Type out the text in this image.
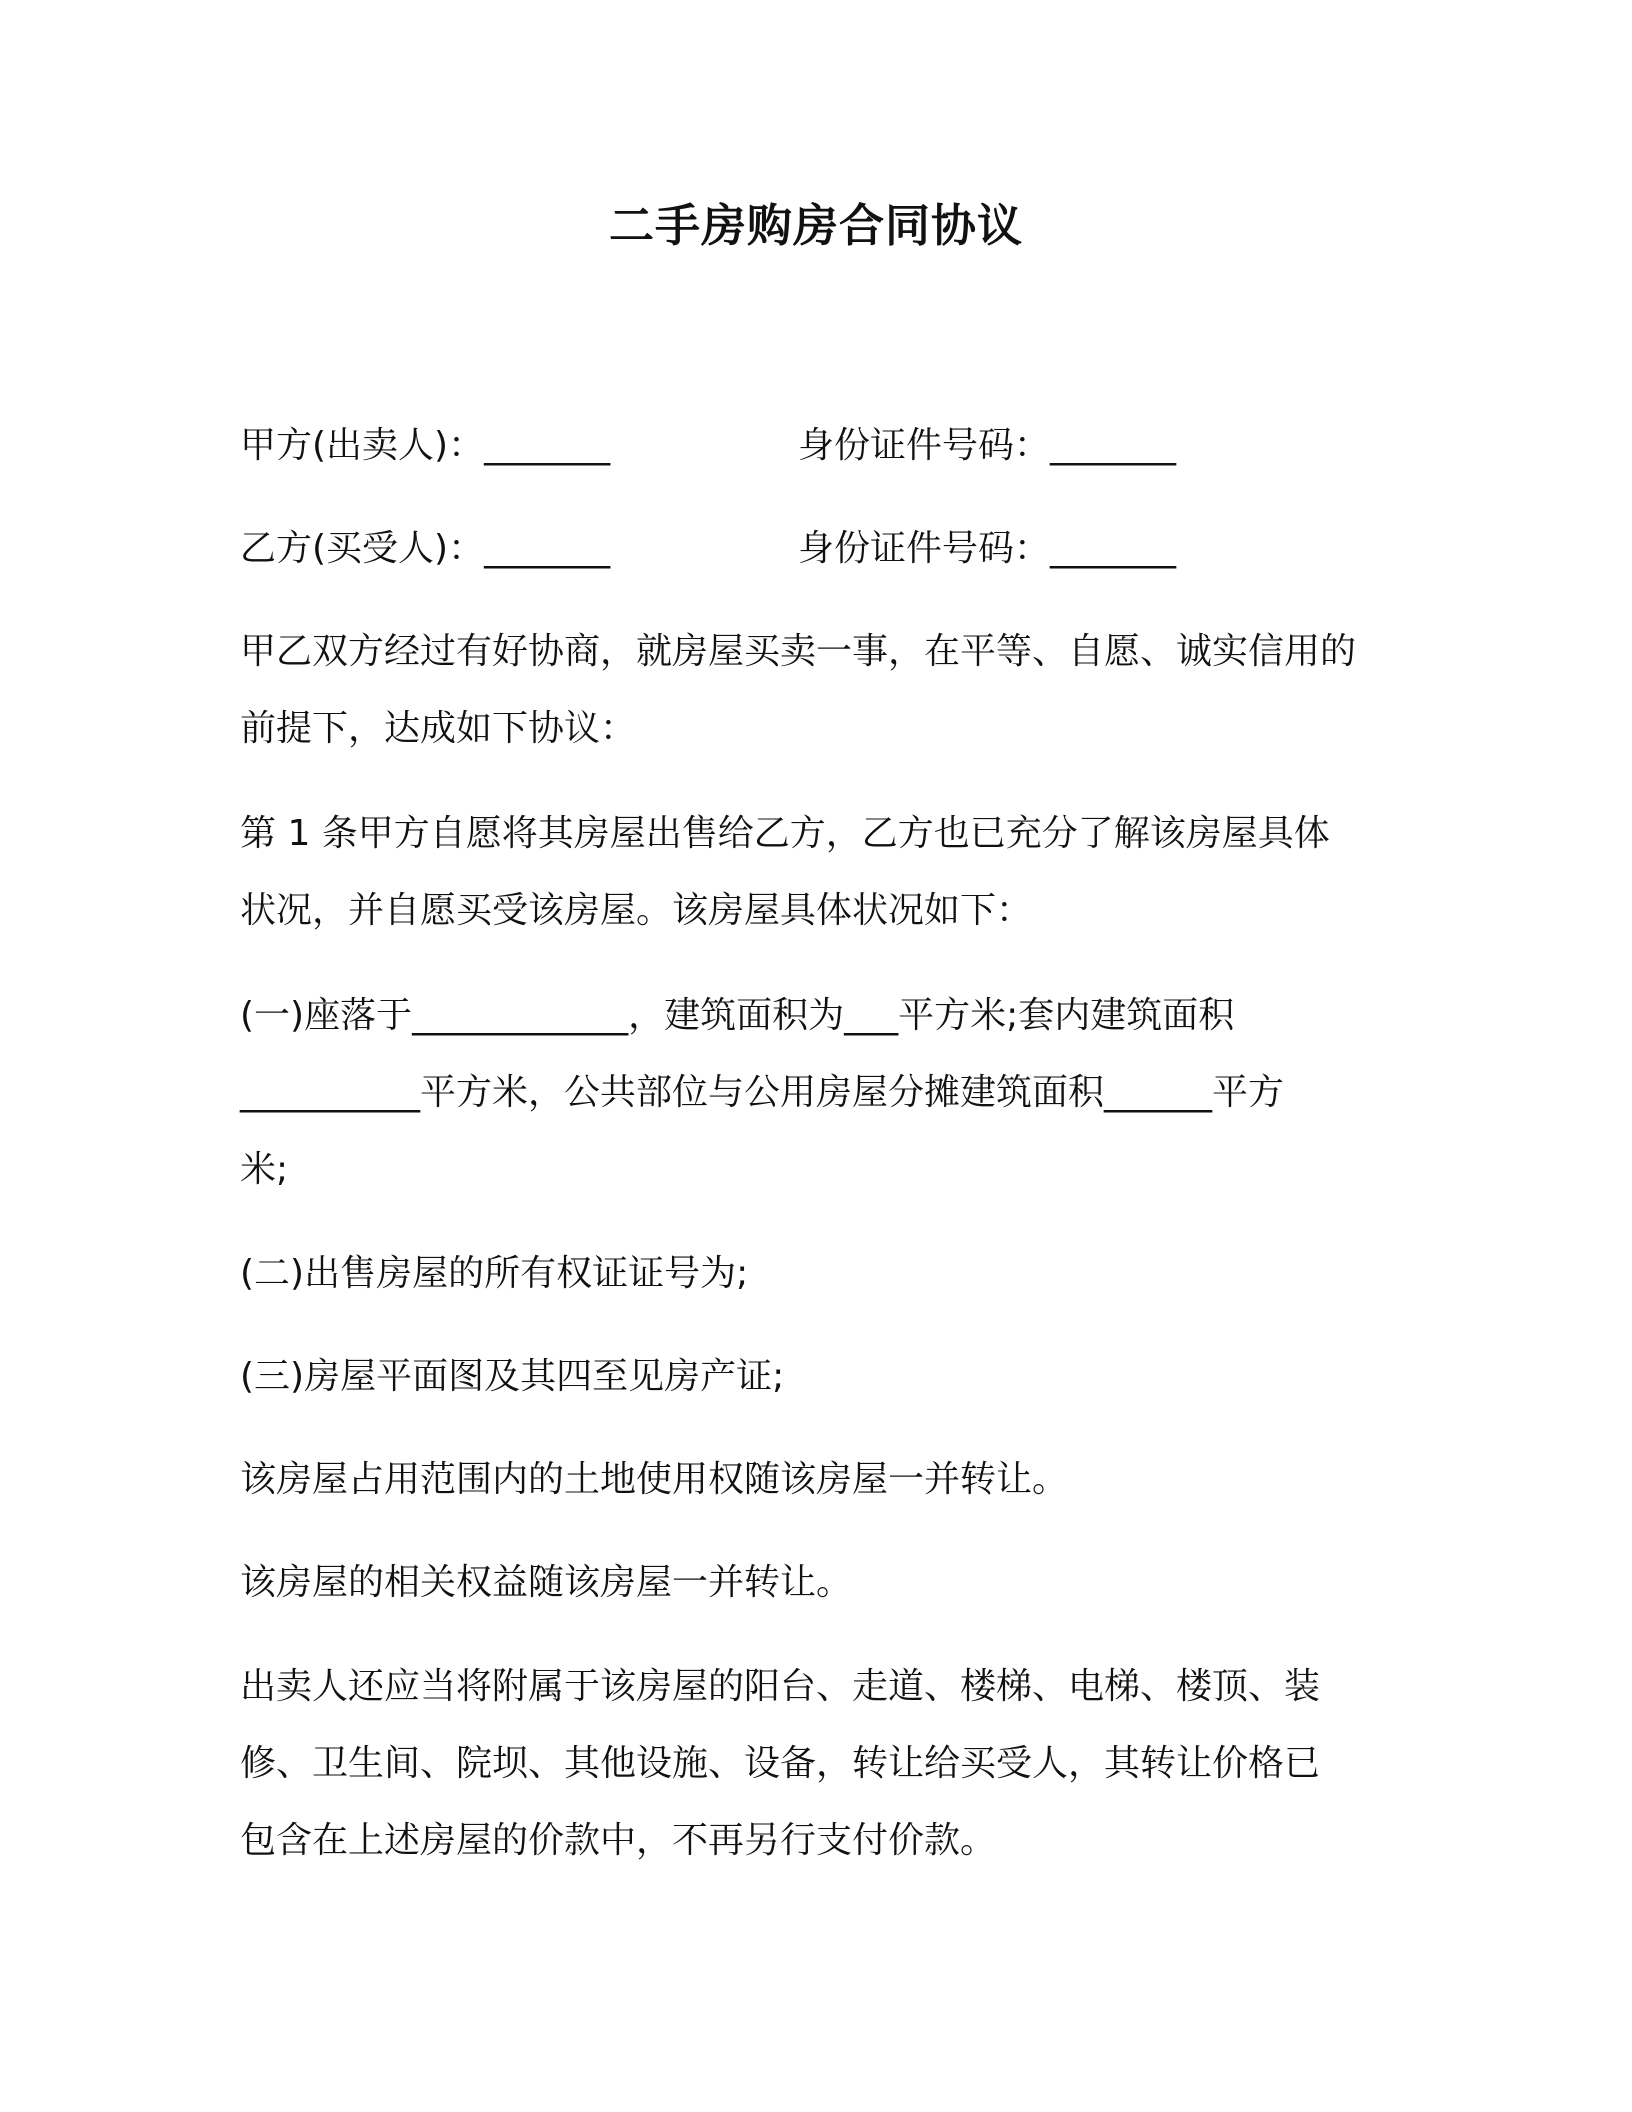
二手房购房合同协议
甲方(出卖人)：_______	身份证件号码：_______
乙方(买受人)：_______	身份证件号码：_______
甲乙双方经过有好协商，就房屋买卖一事，在平等、自愿、诚实信用的前提下，达成如下协议：
第 1 条甲方自愿将其房屋出售给乙方，乙方也已充分了解该房屋具体状况，并自愿买受该房屋。该房屋具体状况如下：
(一)座落于____________，建筑面积为___平方米;套内建筑面积
__________平方米，公共部位与公用房屋分摊建筑面积______平方
米;
(二)出售房屋的所有权证证号为;
(三)房屋平面图及其四至见房产证;
该房屋占用范围内的土地使用权随该房屋一并转让。
该房屋的相关权益随该房屋一并转让。
出卖人还应当将附属于该房屋的阳台、走道、楼梯、电梯、楼顶、装
修、卫生间、院坝、其他设施、设备，转让给买受人，其转让价格已
包含在上述房屋的价款中，不再另行支付价款。
